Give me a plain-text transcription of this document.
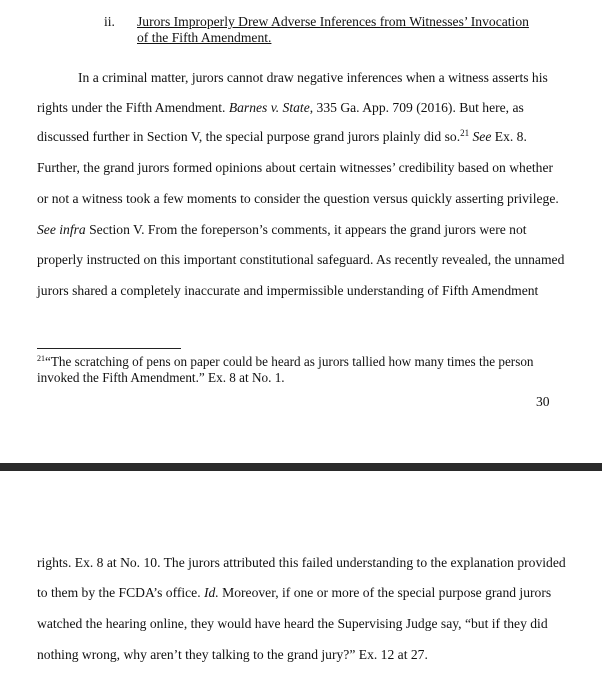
ii. Jurors Improperly Drew Adverse Inferences from Witnesses’ Invocation of the Fifth Amendment.
In a criminal matter, jurors cannot draw negative inferences when a witness asserts his
rights under the Fifth Amendment. Barnes v. State, 335 Ga. App. 709 (2016). But here, as
discussed further in Section V, the special purpose grand jurors plainly did so.$^{21}$ See Ex. 8.
Further, the grand jurors formed opinions about certain witnesses’ credibility based on whether
or not a witness took a few moments to consider the question versus quickly asserting privilege.
See infra Section V. From the foreperson’s comments, it appears the grand jurors were not
properly instructed on this important constitutional safeguard. As recently revealed, the unnamed
jurors shared a completely inaccurate and impermissible understanding of Fifth Amendment
$^{21}$“The scratching of pens on paper could be heard as jurors tallied how many times the person invoked the Fifth Amendment.” Ex. 8 at No. 1.
30
rights. Ex. 8 at No. 10. The jurors attributed this failed understanding to the explanation provided
to them by the FCDA’s office. Id. Moreover, if one or more of the special purpose grand jurors
watched the hearing online, they would have heard the Supervising Judge say, “but if they did
nothing wrong, why aren’t they talking to the grand jury?” Ex. 12 at 27.
